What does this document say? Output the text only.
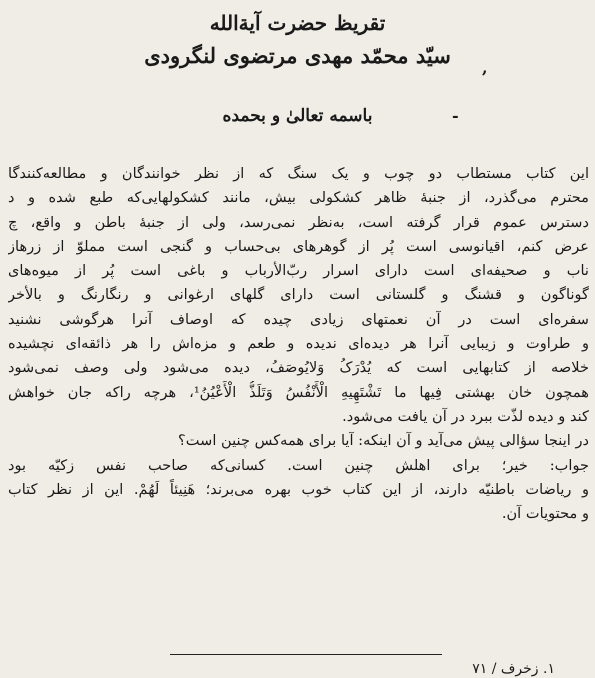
تقریظ حضرت آیةالله
سیّد محمّد مهدی مرتضوی لنگرودی	,
باسمه تعالیٰ و بحمده	-

این کتاب مستطاب دو چوب و یک سنگ که از نظر خوانندگان و مطالعه‌کنندگا
محترم می‌گذرد، از جنبهٔ ظاهر کشکولی بیش، مانند کشکولهایی‌که طبع شده و د
دسترس عموم قرار گرفته است، به‌نظر نمی‌رسد، ولی از جنبهٔ باطن و واقع، چ
عرض کنم، اقیانوسی است پُر از گوهرهای بی‌حساب و گنجی است مملوّ از زرهاز
ناب و صحیفه‌ای است دارای اسرار ربّ‌الأرباب و باغی است پُر از میوه‌های
گوناگون و قشنگ و گلستانی است دارای گلهای ارغوانی و رنگارنگ و بالأخر
سفره‌ای است در آن نعمتهای زیادی چیده که اوصاف آنرا هرگوشی نشنید
و طراوت و زیبایی آنرا هر دیده‌ای ندیده و طعم و مزه‌اش را هر ذائقه‌ای نچشیده
خلاصه از کتابهایی است که یُدْرَکُ وَلایُوصَفُ، دیده می‌شود ولی وصف نمی‌شود
همچون خان بهشتی فِیها ما تَشْتَهِیهِ الْأَنْفُسُ وَتَلَذُّ الْأَعْیُنُ¹، هرچه راکه جان خواهش
کند و دیده لذّت ببرد در آن یافت می‌شود.

در اینجا سؤالی پیش می‌آید و آن اینکه: آیا برای همه‌کس چنین است؟

جواب: خیر؛ برای اهلش چنین است. کسانی‌که صاحب نفس زکیّه بود
و ریاضات باطنیّه دارند، از این کتاب خوب بهره می‌برند؛ هَنِیئاً لَهُمْ. این از نظر کتاب
و محتویات آن.

١. زخرف / ٧١
